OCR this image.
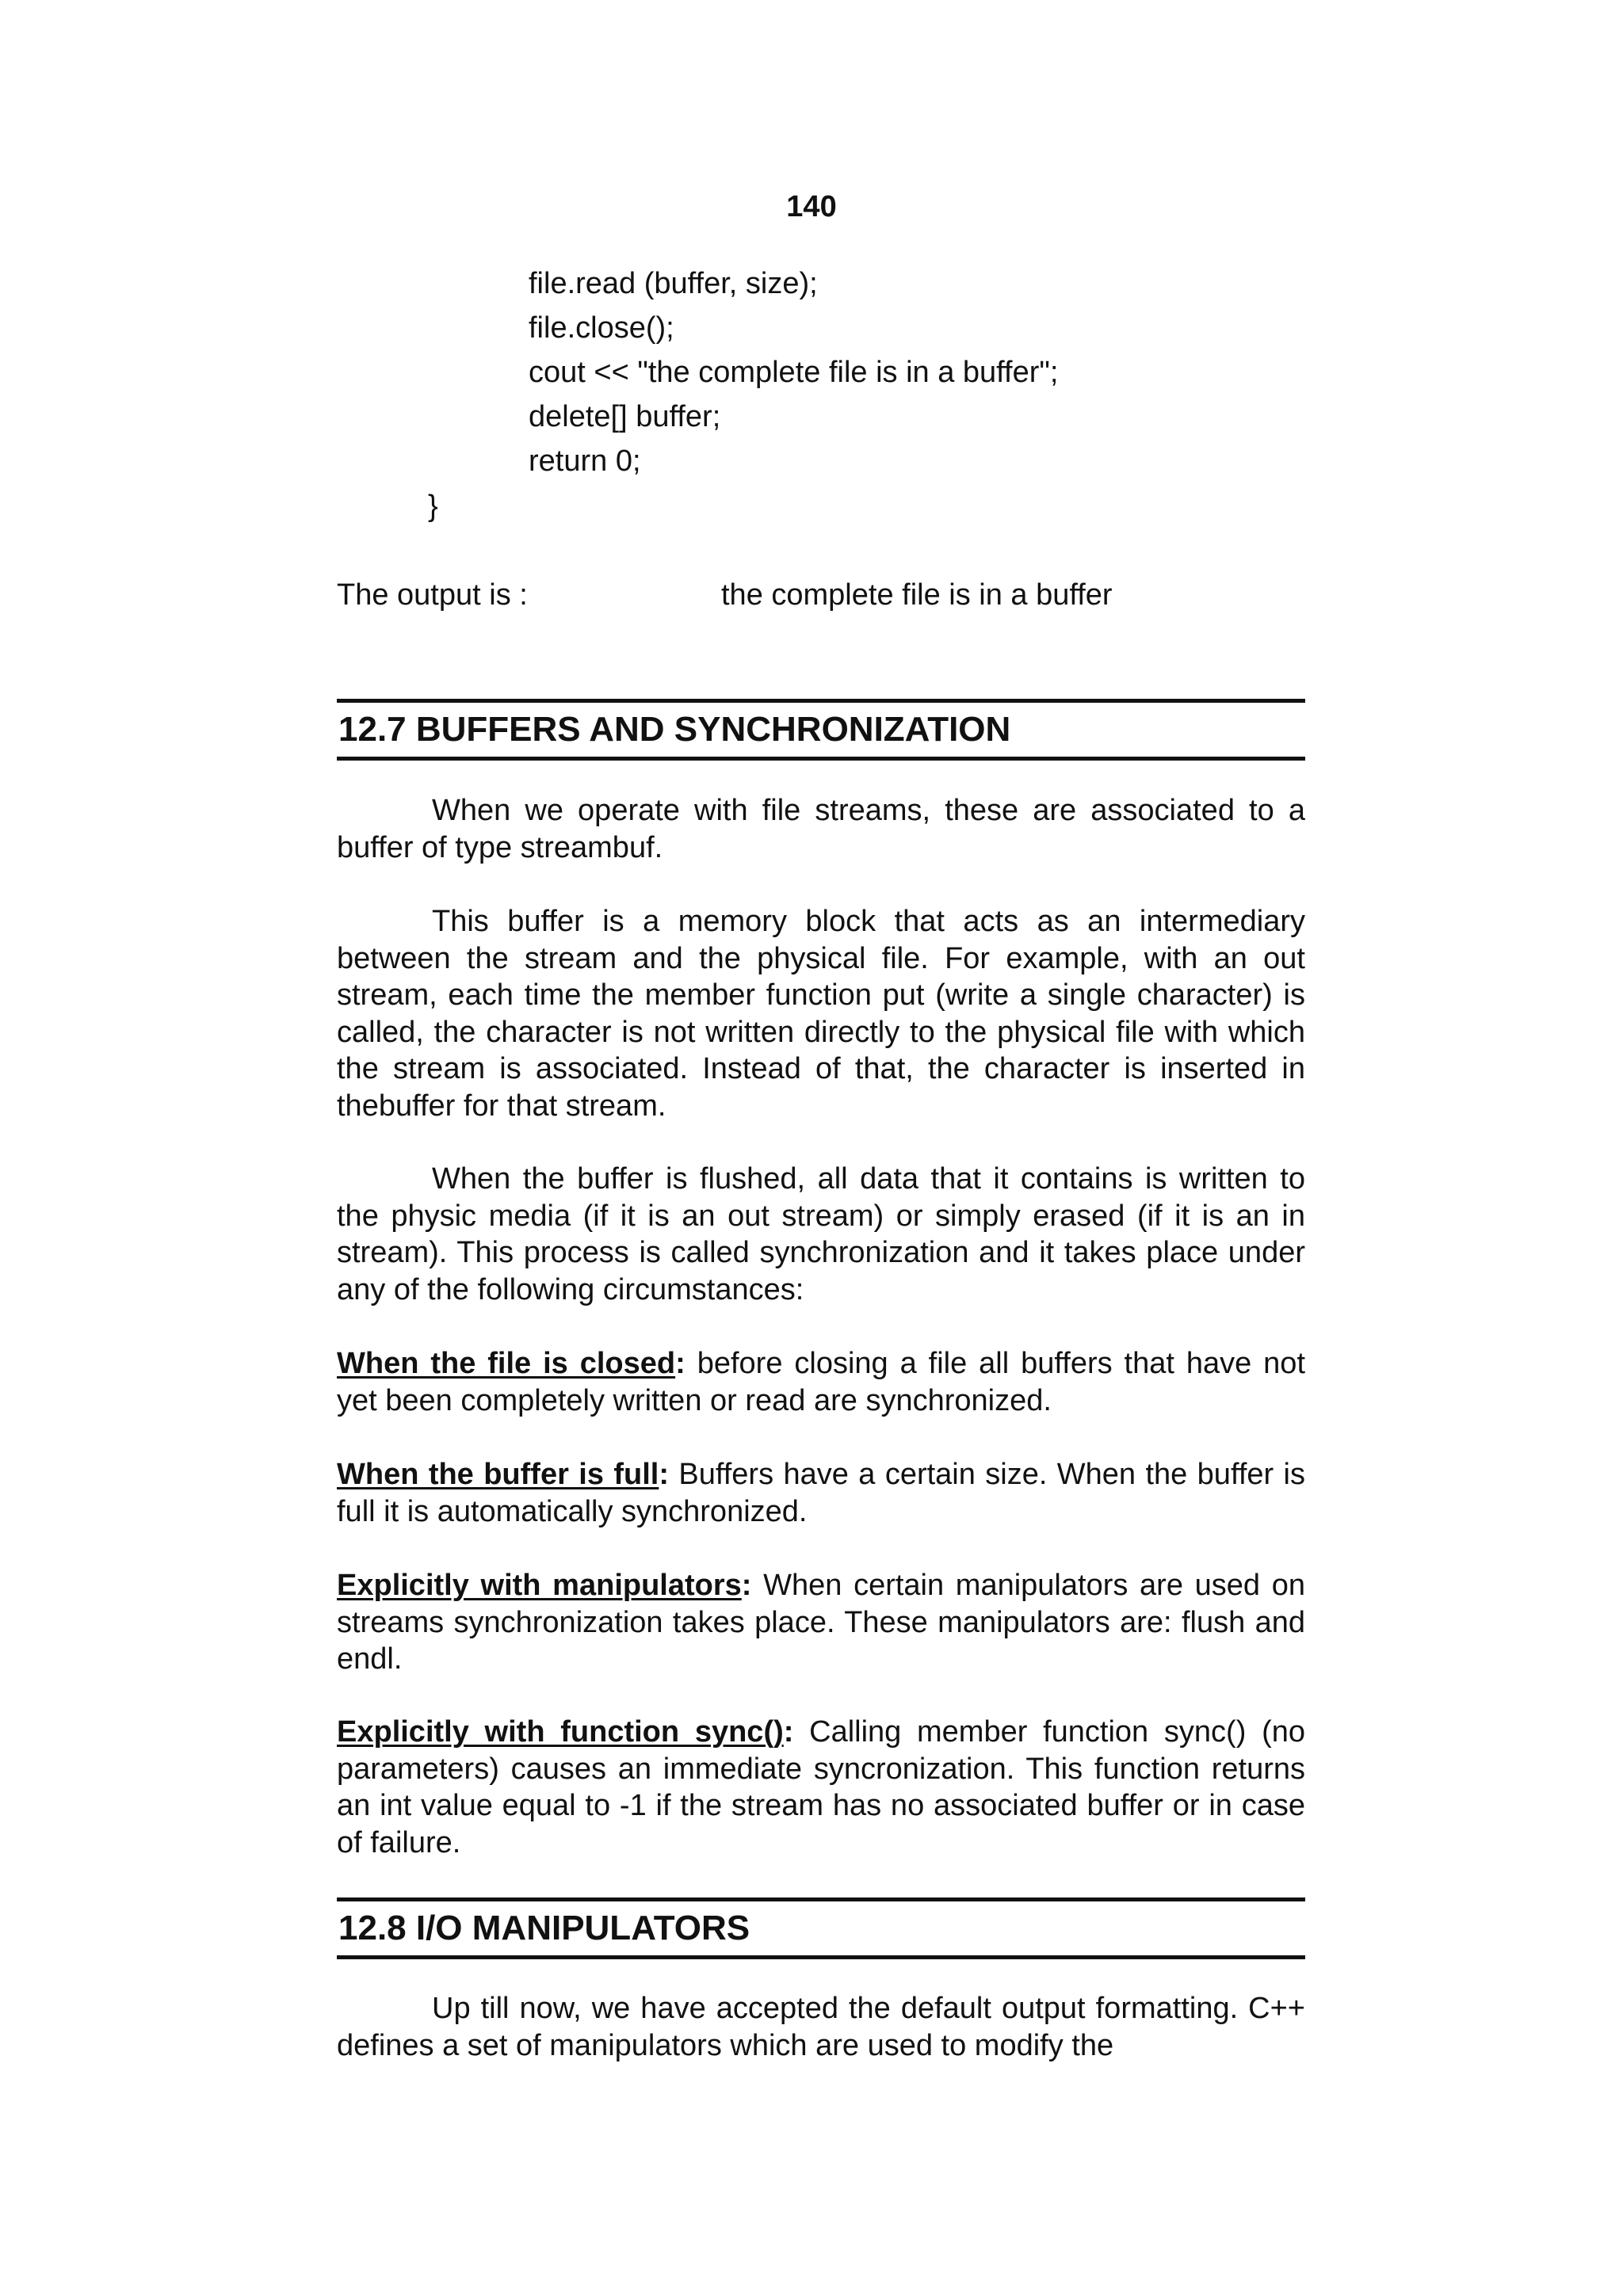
140
file.read (buffer, size);
file.close();
cout << "the complete file is in a buffer";
delete[] buffer;
return 0;
}
The output is :	the complete file is in a buffer
12.7 BUFFERS AND SYNCHRONIZATION

When we operate with file streams, these are associated to a buffer of type streambuf.

This buffer is a memory block that acts as an intermediary between the stream and the physical file. For example, with an out stream, each time the member function put (write a single character) is called, the character is not written directly to the physical file with which the stream is associated. Instead of that, the character is inserted in thebuffer for that stream.

When the buffer is flushed, all data that it contains is written to the physic media (if it is an out stream) or simply erased (if it is an in stream). This process is called synchronization and it takes place under any of the following circumstances:

When the file is closed: before closing a file all buffers that have not yet been completely written or read are synchronized.

When the buffer is full: Buffers have a certain size. When the buffer is full it is automatically synchronized.

Explicitly with manipulators: When certain manipulators are used on streams synchronization takes place. These manipulators are: flush and endl.

Explicitly with function sync(): Calling member function sync() (no parameters) causes an immediate syncronization. This function returns an int value equal to -1 if the stream has no associated buffer or in case of failure.

12.8 I/O MANIPULATORS

Up till now, we have accepted the default output formatting. C++ defines a set of manipulators which are used to modify the
